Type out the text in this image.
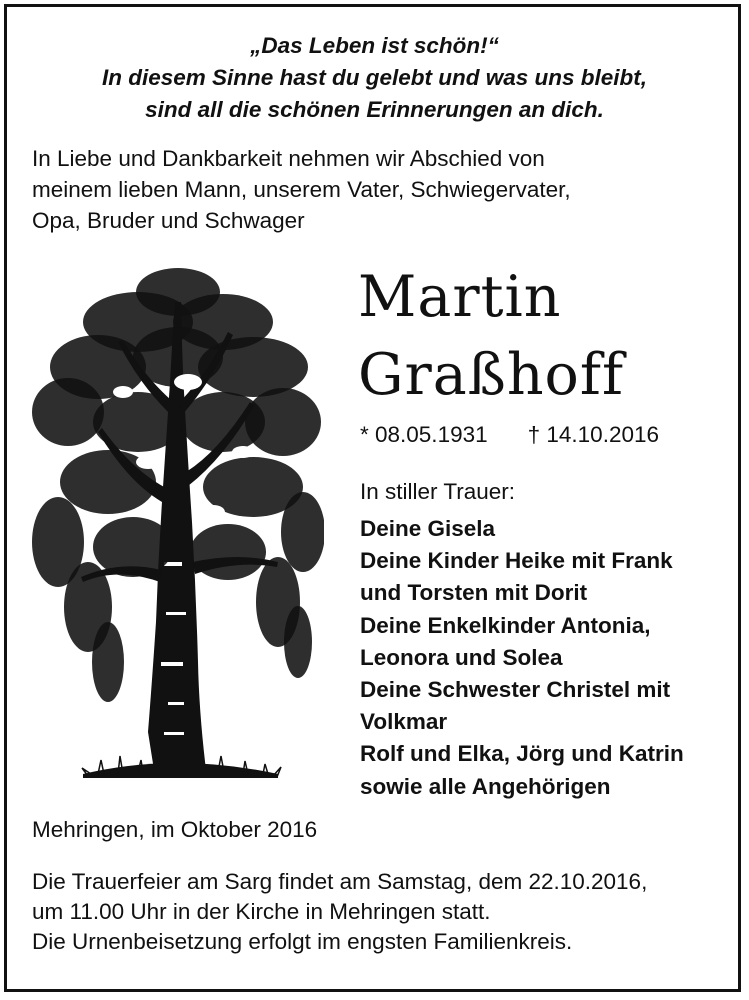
„Das Leben ist schön!“
In diesem Sinne hast du gelebt und was uns bleibt,
sind all die schönen Erinnerungen an dich.
In Liebe und Dankbarkeit nehmen wir Abschied von
meinem lieben Mann, unserem Vater, Schwiegervater,
Opa, Bruder und Schwager
Martin
Graßhoff
* 08.05.1931 † 14.10.2016
In stiller Trauer:
Deine Gisela
Deine Kinder Heike mit Frank
und Torsten mit Dorit
Deine Enkelkinder Antonia,
Leonora und Solea
Deine Schwester Christel mit
Volkmar
Rolf und Elka, Jörg und Katrin
sowie alle Angehörigen
Mehringen, im Oktober 2016
Die Trauerfeier am Sarg findet am Samstag, dem 22.10.2016,
um 11.00 Uhr in der Kirche in Mehringen statt.
Die Urnenbeisetzung erfolgt im engsten Familienkreis.
